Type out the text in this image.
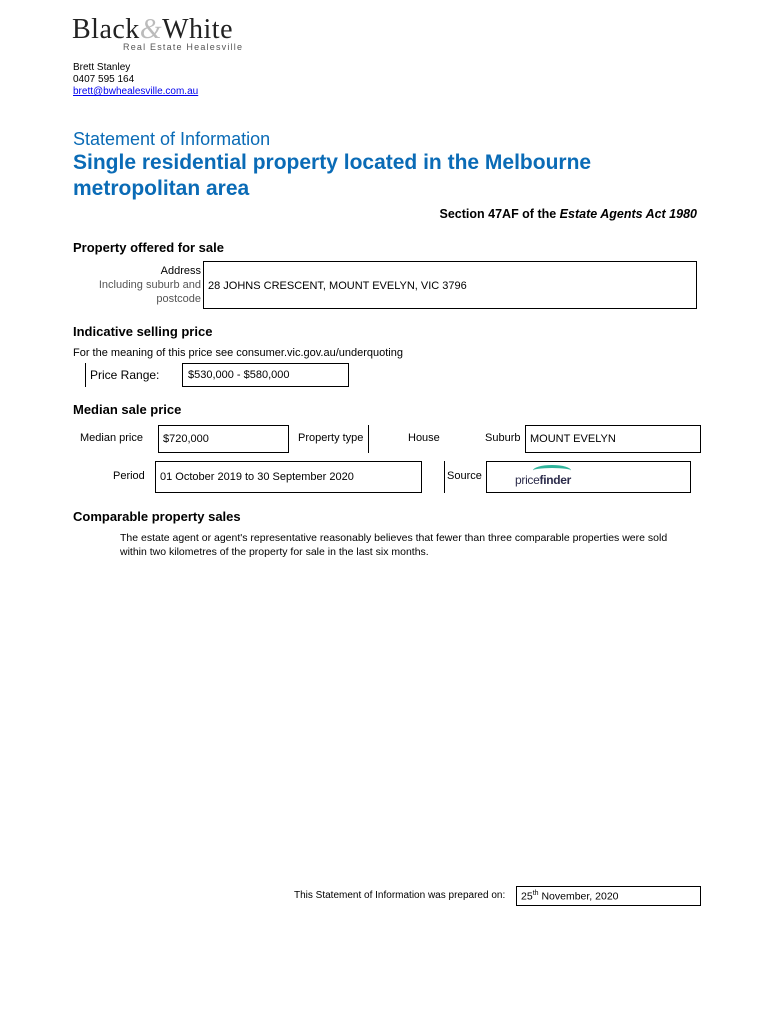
Black&White
Real Estate Healesville
Brett Stanley
0407 595 164
brett@bwhealesville.com.au
Statement of Information
Single residential property located in the Melbourne metropolitan area
Section 47AF of the Estate Agents Act 1980
Property offered for sale
Address
Including suburb and
postcode
28 JOHNS CRESCENT, MOUNT EVELYN, VIC 3796
Indicative selling price
For the meaning of this price see consumer.vic.gov.au/underquoting
Price Range:	$530,000 - $580,000
Median sale price
Median price $720,000	Property type	House	Suburb MOUNT EVELYN
Period 01 October 2019 to 30 September 2020	Source	pricefinder
Comparable property sales
The estate agent or agent's representative reasonably believes that fewer than three comparable properties were sold within two kilometres of the property for sale in the last six months.
This Statement of Information was prepared on: 25th November, 2020
